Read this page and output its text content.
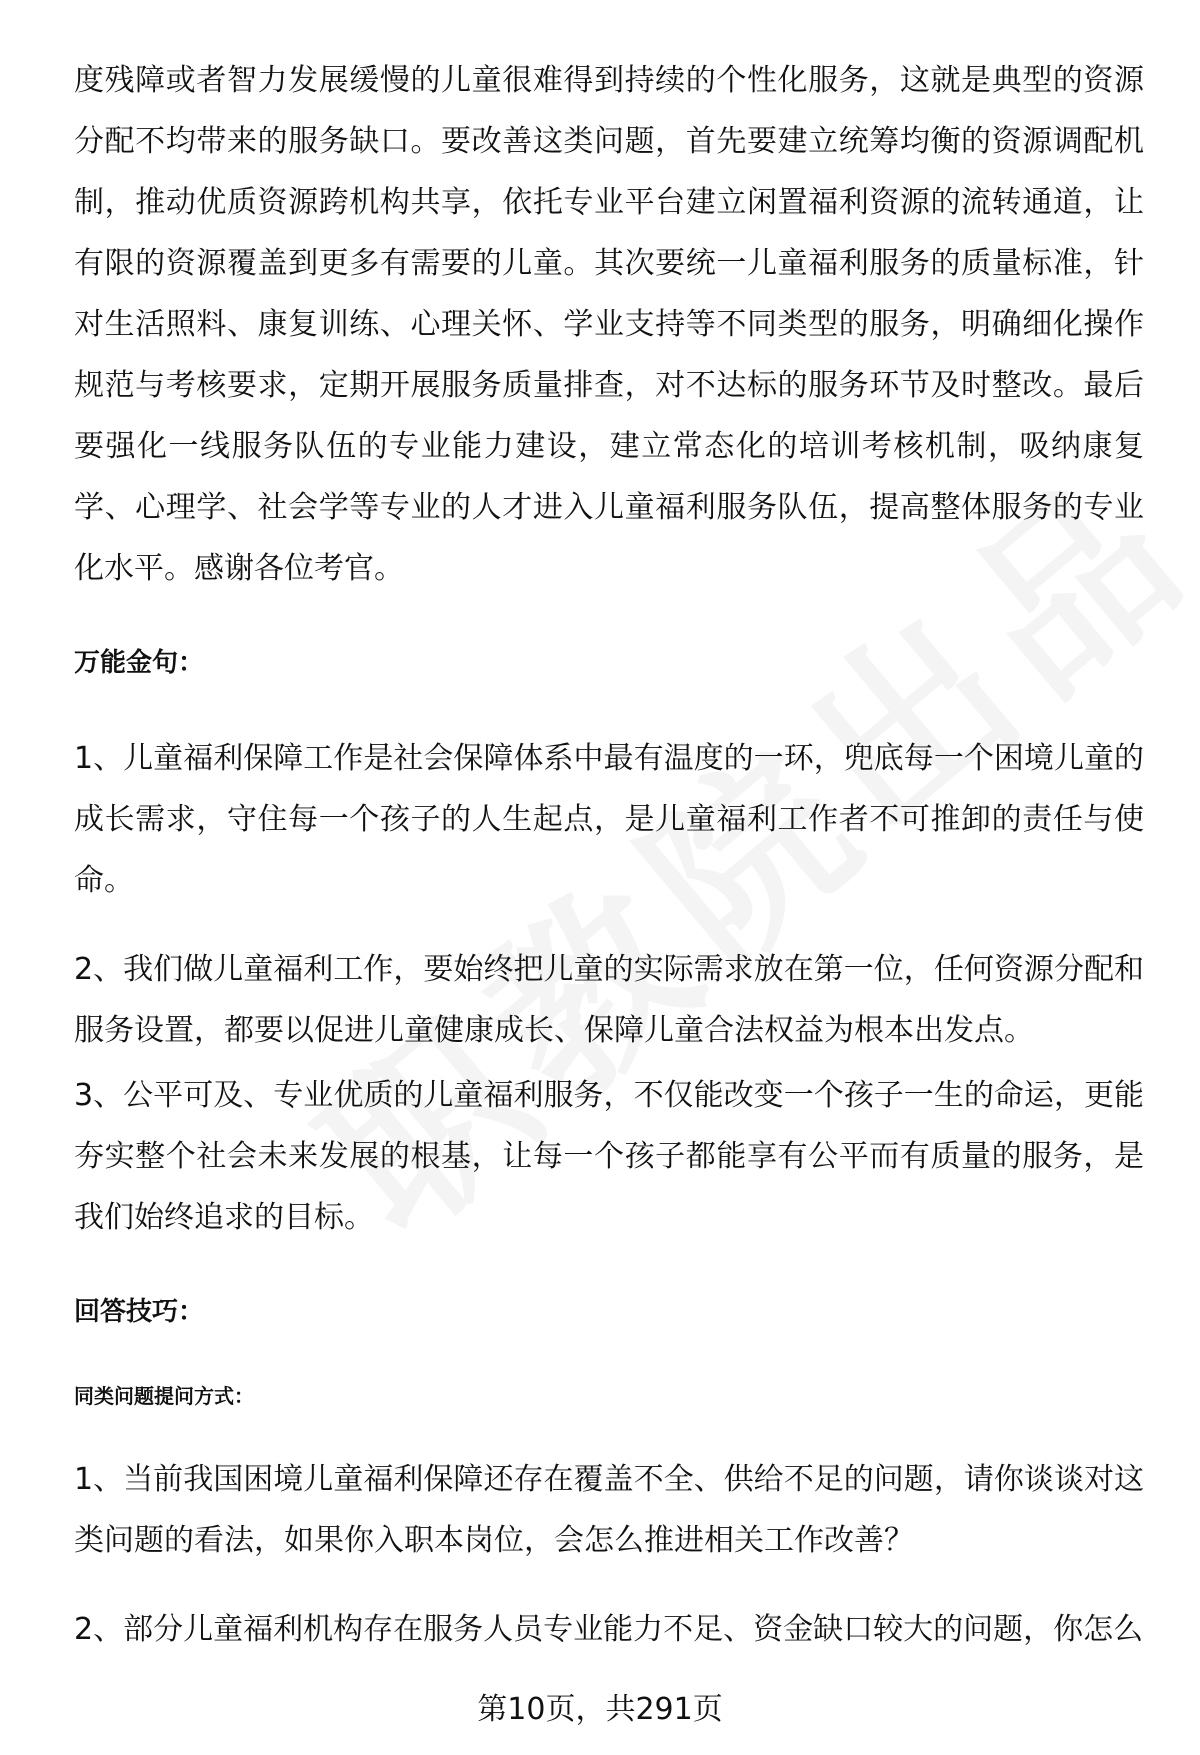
度残障或者智力发展缓慢的儿童很难得到持续的个性化服务，这就是典型的资源分配不均带来的服务缺口。要改善这类问题，首先要建立统筹均衡的资源调配机制，推动优质资源跨机构共享，依托专业平台建立闲置福利资源的流转通道，让有限的资源覆盖到更多有需要的儿童。其次要统一儿童福利服务的质量标准，针对生活照料、康复训练、心理关怀、学业支持等不同类型的服务，明确细化操作规范与考核要求，定期开展服务质量排查，对不达标的服务环节及时整改。最后要强化一线服务队伍的专业能力建设，建立常态化的培训考核机制，吸纳康复学、心理学、社会学等专业的人才进入儿童福利服务队伍，提高整体服务的专业化水平。感谢各位考官。

万能金句：

1、儿童福利保障工作是社会保障体系中最有温度的一环，兜底每一个困境儿童的成长需求，守住每一个孩子的人生起点，是儿童福利工作者不可推卸的责任与使命。

2、我们做儿童福利工作，要始终把儿童的实际需求放在第一位，任何资源分配和服务设置，都要以促进儿童健康成长、保障儿童合法权益为根本出发点。

3、公平可及、专业优质的儿童福利服务，不仅能改变一个孩子一生的命运，更能夯实整个社会未来发展的根基，让每一个孩子都能享有公平而有质量的服务，是我们始终追求的目标。

回答技巧：

同类问题提问方式：

1、当前我国困境儿童福利保障还存在覆盖不全、供给不足的问题，请你谈谈对这类问题的看法，如果你入职本岗位，会怎么推进相关工作改善？

2、部分儿童福利机构存在服务人员专业能力不足、资金缺口较大的问题，你怎么

第10页，共291页
